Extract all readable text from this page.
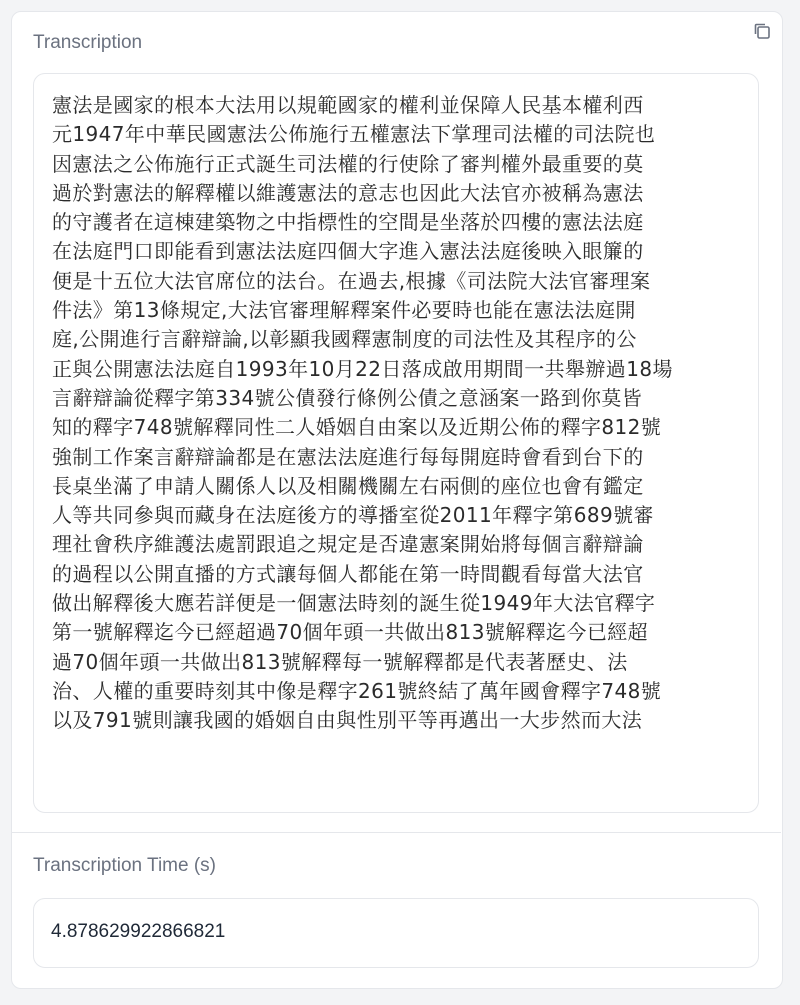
Transcription
憲法是國家的根本大法用以規範國家的權利並保障人民基本權利西
元1947年中華民國憲法公佈施行五權憲法下掌理司法權的司法院也
因憲法之公佈施行正式誕生司法權的行使除了審判權外最重要的莫
過於對憲法的解釋權以維護憲法的意志也因此大法官亦被稱為憲法
的守護者在這棟建築物之中指標性的空間是坐落於四樓的憲法法庭
在法庭門口即能看到憲法法庭四個大字進入憲法法庭後映入眼簾的
便是十五位大法官席位的法台。在過去,根據《司法院大法官審理案
件法》第13條規定,大法官審理解釋案件必要時也能在憲法法庭開
庭,公開進行言辭辯論,以彰顯我國釋憲制度的司法性及其程序的公
正與公開憲法法庭自1993年10月22日落成啟用期間一共舉辦過18場
言辭辯論從釋字第334號公債發行條例公債之意涵案一路到你莫皆
知的釋字748號解釋同性二人婚姻自由案以及近期公佈的釋字812號
強制工作案言辭辯論都是在憲法法庭進行每每開庭時會看到台下的
長桌坐滿了申請人關係人以及相關機關左右兩側的座位也會有鑑定
人等共同參與而藏身在法庭後方的導播室從2011年釋字第689號審
理社會秩序維護法處罰跟追之規定是否違憲案開始將每個言辭辯論
的過程以公開直播的方式讓每個人都能在第一時間觀看每當大法官
做出解釋後大應若詳便是一個憲法時刻的誕生從1949年大法官釋字
第一號解釋迄今已經超過70個年頭一共做出813號解釋迄今已經超
過70個年頭一共做出813號解釋每一號解釋都是代表著歷史、法
治、人權的重要時刻其中像是釋字261號終結了萬年國會釋字748號
以及791號則讓我國的婚姻自由與性別平等再邁出一大步然而大法
Transcription Time (s)
4.878629922866821
